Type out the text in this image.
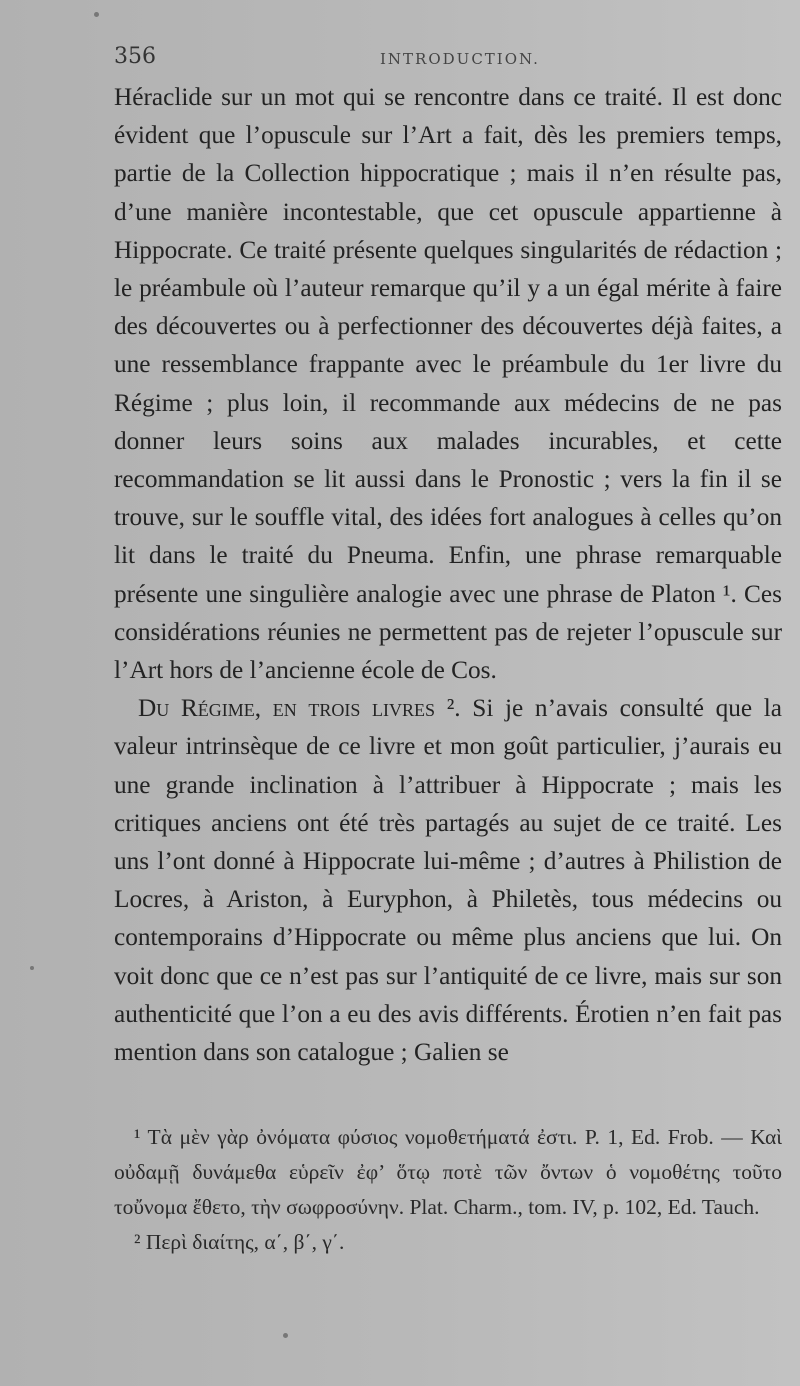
356	INTRODUCTION.

Héraclide sur un mot qui se rencontre dans ce traité. Il est donc évident que l’opuscule sur l’Art a fait, dès les premiers temps, partie de la Collection hippocratique ; mais il n’en résulte pas, d’une manière incontestable, que cet opuscule appartienne à Hippocrate. Ce traité présente quelques singularités de rédaction ; le préambule où l’auteur remarque qu’il y a un égal mérite à faire des découvertes ou à perfectionner des découvertes déjà faites, a une ressemblance frappante avec le préambule du 1er livre du Régime ; plus loin, il recommande aux médecins de ne pas donner leurs soins aux malades incurables, et cette recommandation se lit aussi dans le Pronostic ; vers la fin il se trouve, sur le souffle vital, des idées fort analogues à celles qu’on lit dans le traité du Pneuma. Enfin, une phrase remarquable présente une singulière analogie avec une phrase de Platon ¹. Ces considérations réunies ne permettent pas de rejeter l’opuscule sur l’Art hors de l’ancienne école de Cos.

Du Régime, en trois livres ². Si je n’avais consulté que la valeur intrinsèque de ce livre et mon goût particulier, j’aurais eu une grande inclination à l’attribuer à Hippocrate ; mais les critiques anciens ont été très partagés au sujet de ce traité. Les uns l’ont donné à Hippocrate lui-même ; d’autres à Philistion de Locres, à Ariston, à Euryphon, à Philetès, tous médecins ou contemporains d’Hippocrate ou même plus anciens que lui. On voit donc que ce n’est pas sur l’antiquité de ce livre, mais sur son authenticité que l’on a eu des avis différents. Érotien n’en fait pas mention dans son catalogue ; Galien se

¹ Τὰ μὲν γὰρ ὀνόματα φύσιος νομοθετήματά ἐστι. P. 1, Ed. Frob. — Καὶ οὐδαμῇ δυνάμεθα εὑρεῖν ἐφ’ ὅτῳ ποτὲ τῶν ὄντων ὁ νομοθέτης τοῦτο τοὔνομα ἔθετο, τὴν σωφροσύνην. Plat. Charm., tom. IV, p. 102, Ed. Tauch.

² Περὶ διαίτης, α΄, β΄, γ΄.
